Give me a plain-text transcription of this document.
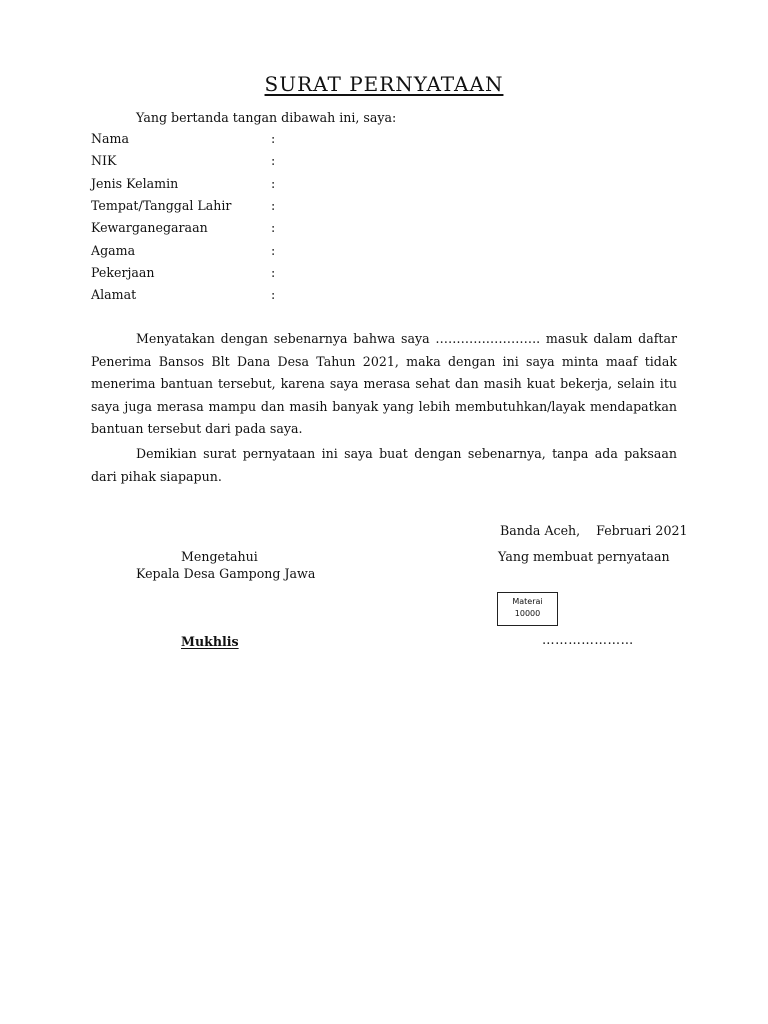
SURAT PERNYATAAN
Yang bertanda tangan dibawah ini, saya:
Nama	:
NIK	:
Jenis Kelamin	:
Tempat/Tanggal Lahir	:
Kewarganegaraan	:
Agama	:
Pekerjaan	:
Alamat	:
Menyatakan dengan sebenarnya bahwa saya ……………………. masuk dalam daftar Penerima Bansos Blt Dana Desa Tahun 2021, maka dengan ini saya minta maaf tidak menerima bantuan tersebut, karena saya merasa sehat dan masih kuat bekerja, selain itu saya juga merasa mampu dan masih banyak yang lebih membutuhkan/layak mendapatkan bantuan tersebut dari pada saya.
Demikian surat pernyataan ini saya buat dengan sebenarnya, tanpa ada paksaan dari pihak siapapun.
Banda Aceh, Februari 2021
Mengetahui
Kepala Desa Gampong Jawa
Yang membuat pernyataan
Materai
10000
Mukhlis	…………………
